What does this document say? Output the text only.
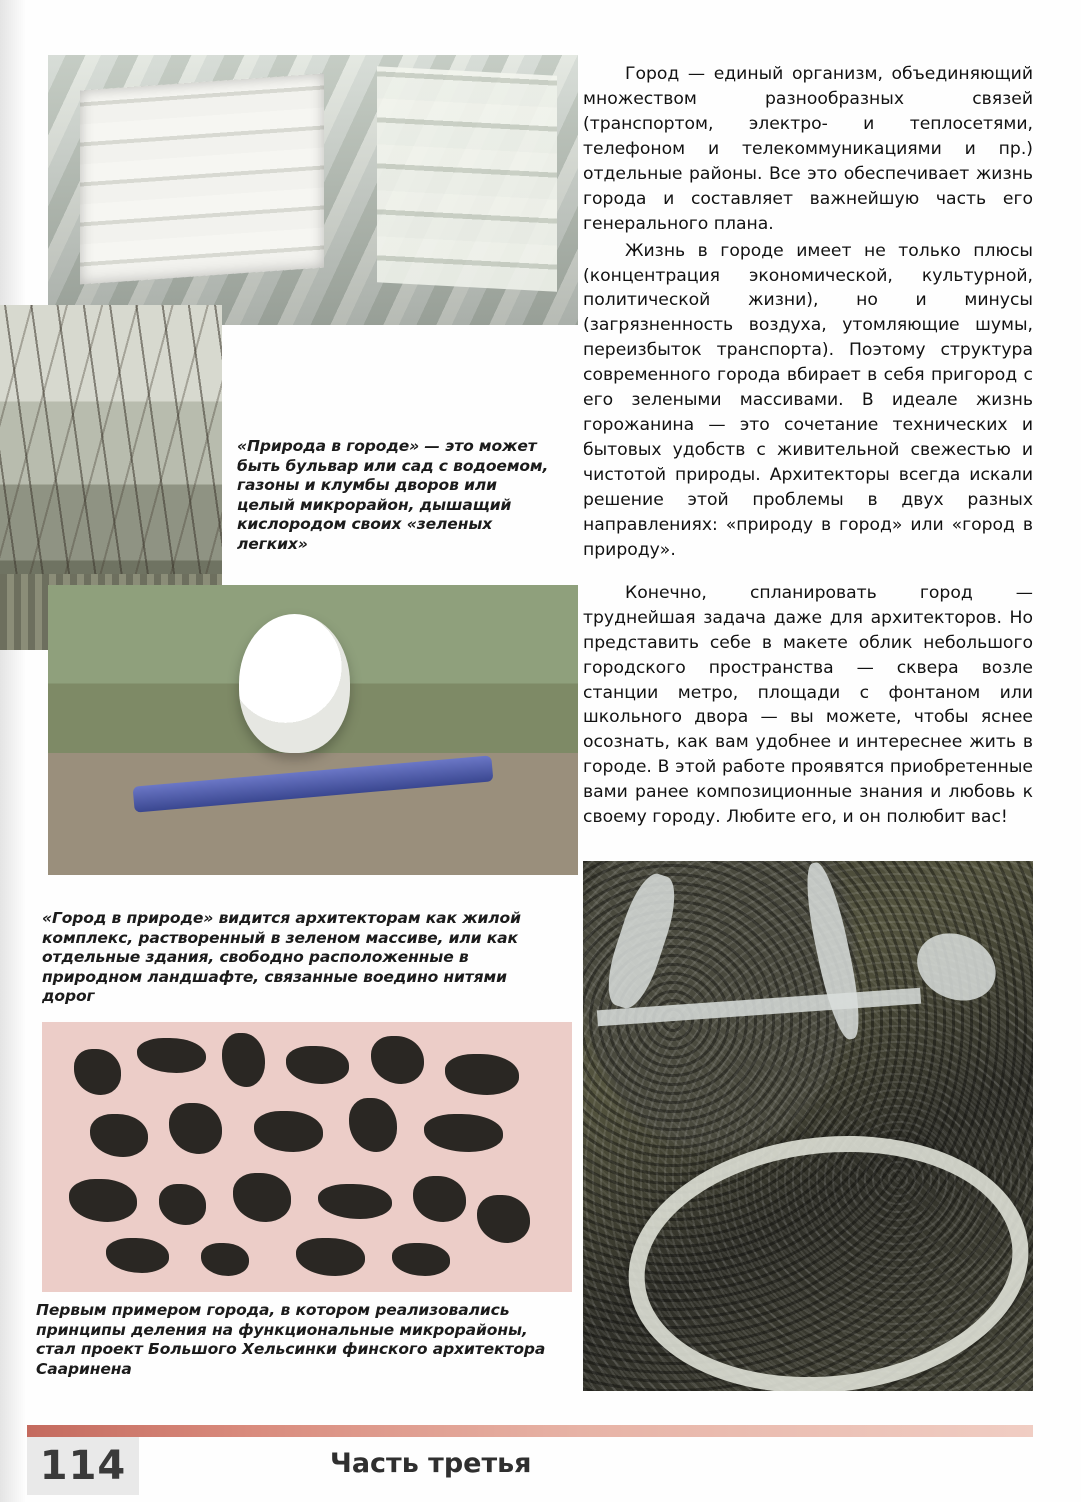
«Природа в городе» — это может быть бульвар или сад с водоемом, газоны и клумбы дворов или целый микрорайон, дышащий кислородом своих «зеленых легких»
«Город в природе» видится архитекторам как жилой комплекс, растворенный в зеленом массиве, или как отдельные здания, свободно расположенные в природном ландшафте, связанные воедино нитями дорог
Первым примером города, в котором реализовались принципы деления на функциональные микрорайоны, стал проект Большого Хельсинки финского архитектора Сааринена

Город — единый организм, объединяющий множеством разнообразных связей (транспортом, электро- и теплосетями, телефоном и телекоммуникациями и пр.) отдельные районы. Все это обеспечивает жизнь города и составляет важнейшую часть его генерального плана.

Жизнь в городе имеет не только плюсы (концентрация экономической, культурной, политической жизни), но и минусы (загрязненность воздуха, утомляющие шумы, переизбыток транспорта). Поэтому структура современного города вбирает в себя пригород с его зелеными массивами. В идеале жизнь горожанина — это сочетание технических и бытовых удобств с живительной свежестью и чистотой природы. Архитекторы всегда искали решение этой проблемы в двух разных направлениях: «природу в город» или «город в природу».

Конечно, спланировать город — труднейшая задача даже для архитекторов. Но представить себе в макете облик небольшого городского пространства — сквера возле станции метро, площади с фонтаном или школьного двора — вы можете, чтобы яснее осознать, как вам удобнее и интереснее жить в городе. В этой работе проявятся приобретенные вами ранее композиционные знания и любовь к своему городу. Любите его, и он полюбит вас!

114	Часть третья
